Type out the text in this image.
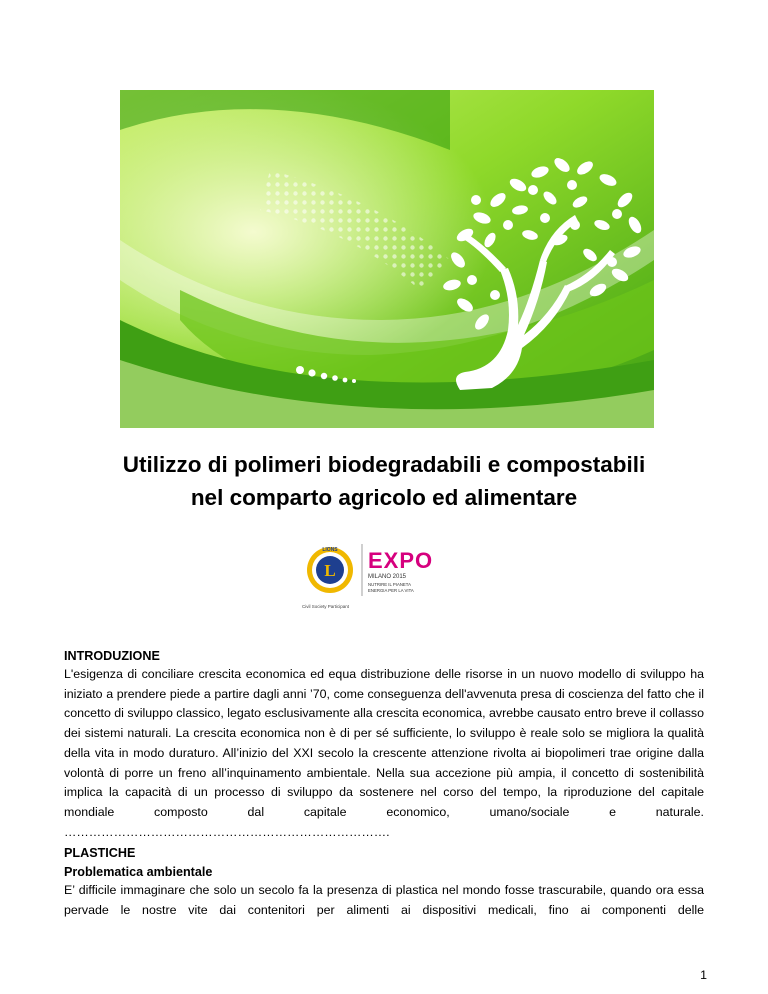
Utilizzo di polimeri biodegradabili e compostabili
nel comparto agricolo ed alimentare
L
LIONS EXPO
MILANO 2015
NUTRIRE IL PIANETA
ENERGIA PER LA VITA
Civil Society Participant
INTRODUZIONE

L'esigenza di conciliare crescita economica ed equa distribuzione delle risorse in un nuovo modello di sviluppo ha iniziato a prendere piede a partire dagli anni ’70, come conseguenza dell'avvenuta presa di coscienza del fatto che il concetto di sviluppo classico, legato esclusivamente alla crescita economica, avrebbe causato entro breve il collasso dei sistemi naturali. La crescita economica non è di per sé sufficiente, lo sviluppo è reale solo se migliora la qualità della vita in modo duraturo. All’inizio del XXI secolo la crescente attenzione rivolta ai biopolimeri trae origine dalla volontà di porre un freno all’inquinamento ambientale. Nella sua accezione più ampia, il concetto di sostenibilità implica la capacità di un processo di sviluppo da sostenere nel corso del tempo, la riproduzione del capitale mondiale composto dal capitale economico, umano/sociale e naturale. …………………………………………………………………….

PLASTICHE
Problematica ambientale

E’ difficile immaginare che solo un secolo fa la presenza di plastica nel mondo fosse trascurabile, quando ora essa pervade le nostre vite dai contenitori per alimenti ai dispositivi medicali, fino ai componenti delle

1
